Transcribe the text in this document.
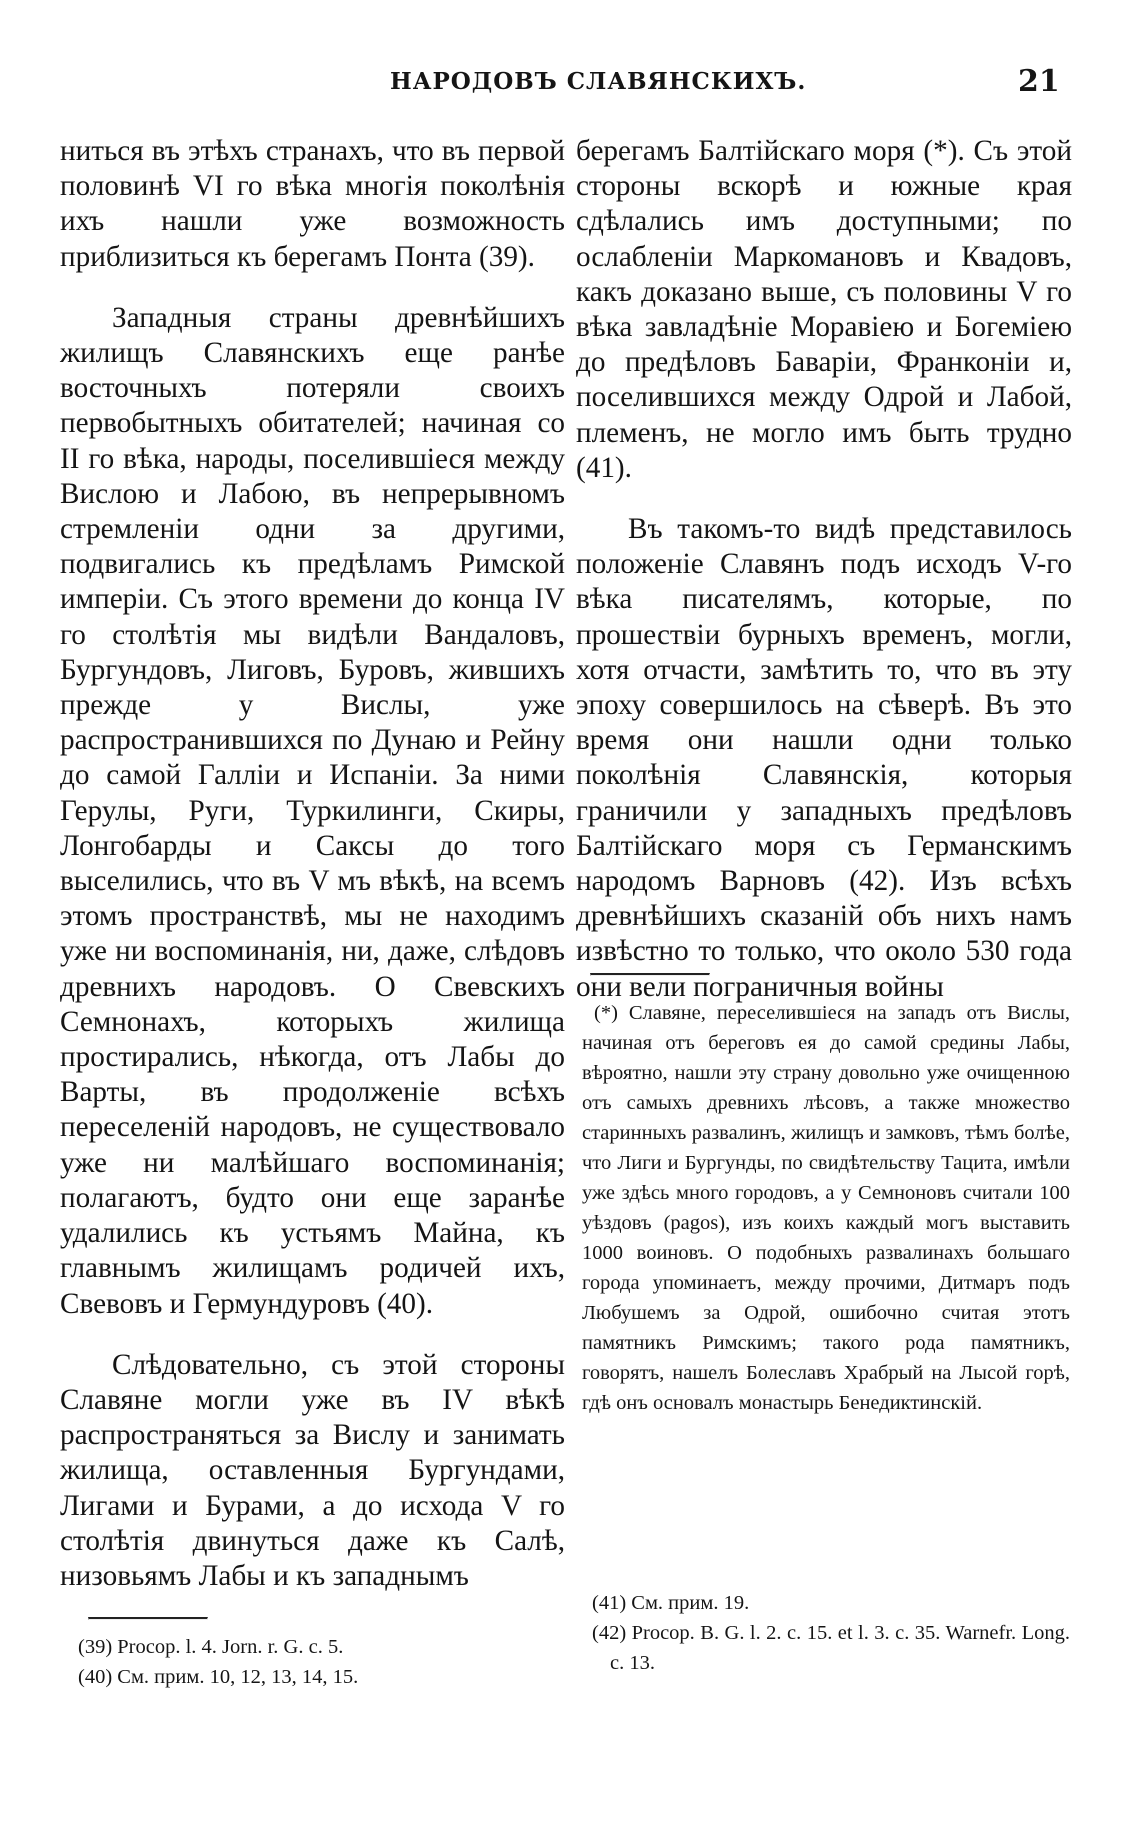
НАРОДОВЪ СЛАВЯНСКИХЪ.	21

ниться въ этѣхъ странахъ, что въ первой половинѣ VI го вѣка многія поколѣнія ихъ нашли уже возможность приблизиться къ берегамъ Понта (39).

Западныя страны древнѣйшихъ жилищъ Славянскихъ еще ранѣе восточныхъ потеряли своихъ первобытныхъ обитателей; начиная со II го вѣка, народы, поселившіеся между Вислою и Лабою, въ непрерывномъ стремленіи одни за другими, подвигались къ предѣламъ Римской имперіи. Съ этого времени до конца IV го столѣтія мы видѣли Вандаловъ, Бургундовъ, Лиговъ, Буровъ, жившихъ прежде у Вислы, уже распространившихся по Дунаю и Рейну до самой Галліи и Испаніи. За ними Герулы, Руги, Туркилинги, Скиры, Лонгобарды и Саксы до того выселились, что въ V мъ вѣкѣ, на всемъ этомъ пространствѣ, мы не находимъ уже ни воспоминанія, ни, даже, слѣдовъ древнихъ народовъ. О Свевскихъ Семнонахъ, которыхъ жилища простирались, нѣкогда, отъ Лабы до Варты, въ продолженіе всѣхъ переселеній народовъ, не существовало уже ни малѣйшаго воспоминанія; полагаютъ, будто они еще заранѣе удалились къ устьямъ Майна, къ главнымъ жилищамъ родичей ихъ, Свевовъ и Гермундуровъ (40).

Слѣдовательно, съ этой стороны Славяне могли уже въ IV вѣкѣ распространяться за Вислу и занимать жилища, оставленныя Бургундами, Лигами и Бурами, а до исхода V го столѣтія двинуться даже къ Салѣ, низовьямъ Лабы и къ западнымъ

(39) Procop. l. 4. Jorn. r. G. c. 5.

(40) См. прим. 10, 12, 13, 14, 15.

берегамъ Балтійскаго моря (*). Съ этой стороны вскорѣ и южные края сдѣлались имъ доступными; по ослабленіи Маркомановъ и Квадовъ, какъ доказано выше, съ половины V го вѣка завладѣніе Моравіею и Богеміею до предѣловъ Баваріи, Франконіи и, поселившихся между Одрой и Лабой, племенъ, не могло имъ быть трудно (41).

Въ такомъ-то видѣ представилось положеніе Славянъ подъ исходъ V-го вѣка писателямъ, которые, по прошествіи бурныхъ временъ, могли, хотя отчасти, замѣтить то, что въ эту эпоху совершилось на сѣверѣ. Въ это время они нашли одни только поколѣнія Славянскія, которыя граничили у западныхъ предѣловъ Балтійскаго моря съ Германскимъ народомъ Варновъ (42). Изъ всѣхъ древнѣйшихъ сказаній объ нихъ намъ извѣстно то только, что около 530 года они вели пограничныя войны

(*) Славяне, переселившіеся на западъ отъ Вислы, начиная отъ береговъ ея до самой средины Лабы, вѣроятно, нашли эту страну довольно уже очищенною отъ самыхъ древнихъ лѣсовъ, а также множество старинныхъ развалинъ, жилищъ и замковъ, тѣмъ болѣе, что Лиги и Бургунды, по свидѣтельству Тацита, имѣли уже здѣсь много городовъ, а у Семноновъ считали 100 уѣздовъ (pagos), изъ коихъ каждый могъ выставить 1000 воиновъ. О подобныхъ развалинахъ большаго города упоминаетъ, между прочими, Дитмаръ подъ Любушемъ за Одрой, ошибочно считая этотъ памятникъ Римскимъ; такого рода памятникъ, говорятъ, нашелъ Болеславъ Храбрый на Лысой горѣ, гдѣ онъ основалъ монастырь Бенедиктинскій.

(41) См. прим. 19.

(42) Procop. B. G. l. 2. c. 15. et l. 3. c. 35. Warnefr. Long. c. 13.
